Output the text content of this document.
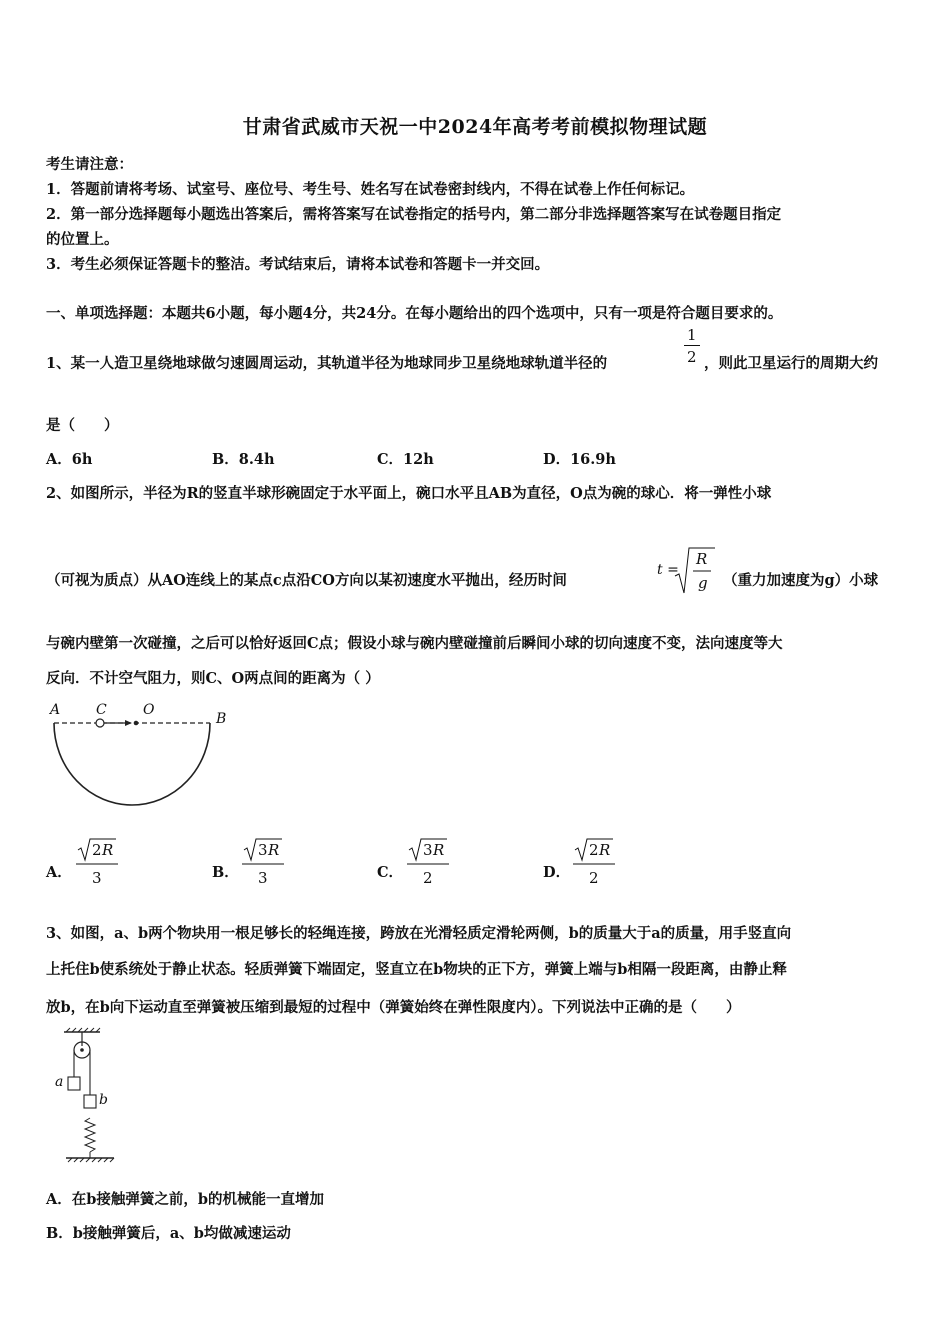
甘肃省武威市天祝一中2024年高考考前模拟物理试题
考生请注意：
1．答题前请将考场、试室号、座位号、考生号、姓名写在试卷密封线内，不得在试卷上作任何标记。
2．第一部分选择题每小题选出答案后，需将答案写在试卷指定的括号内，第二部分非选择题答案写在试卷题目指定
的位置上。
3．考生必须保证答题卡的整洁。考试结束后，请将本试卷和答题卡一并交回。
一、单项选择题：本题共6小题，每小题4分，共24分。在每小题给出的四个选项中，只有一项是符合题目要求的。
1、某一人造卫星绕地球做匀速圆周运动，其轨道半径为地球同步卫星绕地球轨道半径的	$\frac{1}{2}$ ，则此卫星运行的周期大约
是（　　）
A．6h	B．8.4h	C．12h	D．16.9h
2、如图所示，半径为R的竖直半球形碗固定于水平面上，碗口水平且AB为直径，O点为碗的球心．将一弹性小球
（可视为质点）从AO连线上的某点c点沿CO方向以某初速度水平抛出，经历时间
t =
R
g （重力加速度为g）小球
与碗内壁第一次碰撞，之后可以恰好返回C点；假设小球与碗内壁碰撞前后瞬间小球的切向速度不变，法向速度等大
反向．不计空气阻力，则C、O两点间的距离为（ ）
A	C	O
B
A．
2 R
3	B．
3 R
3	C．
3 R
2	D．
2 R
2
3、如图，a、b两个物块用一根足够长的轻绳连接，跨放在光滑轻质定滑轮两侧，b的质量大于a的质量，用手竖直向
上托住b使系统处于静止状态。轻质弹簧下端固定，竖直立在b物块的正下方，弹簧上端与b相隔一段距离，由静止释
放b，在b向下运动直至弹簧被压缩到最短的过程中（弹簧始终在弹性限度内）。下列说法中正确的是（　　）
a
b
A．在b接触弹簧之前，b的机械能一直增加
B．b接触弹簧后，a、b均做减速运动
